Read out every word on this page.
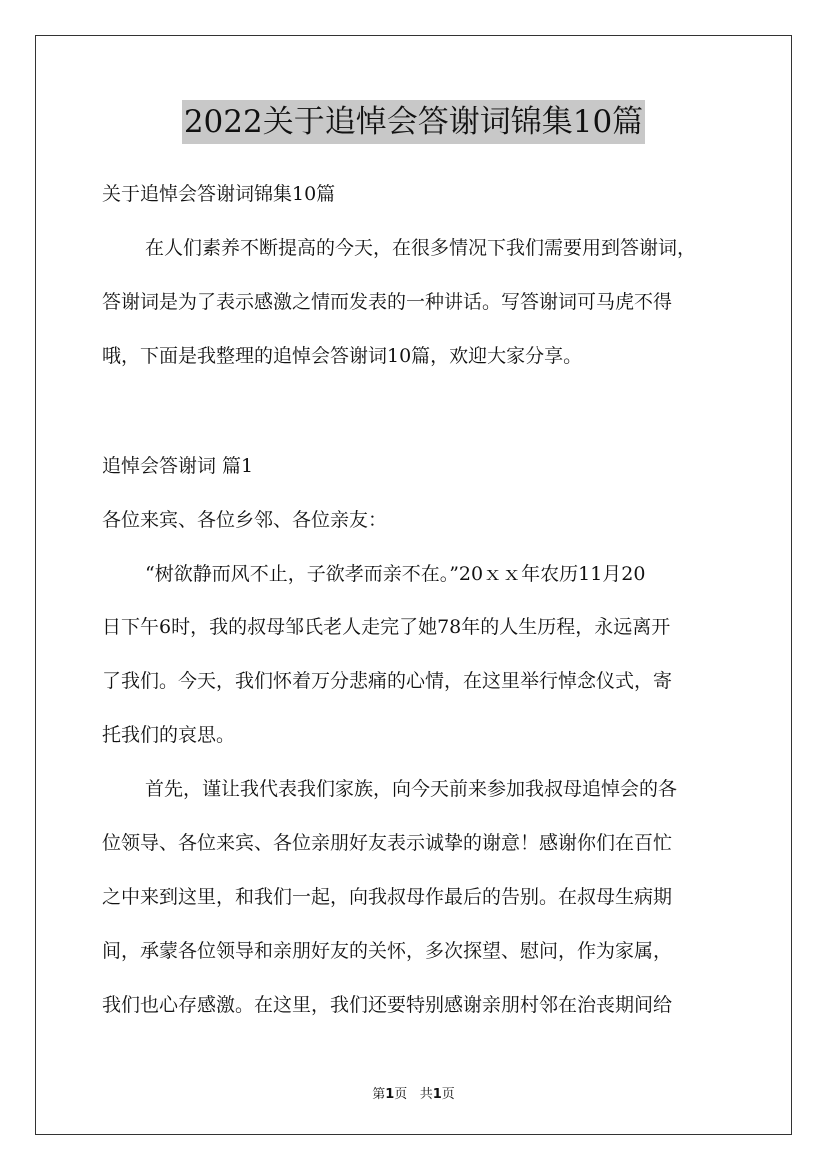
2022关于追悼会答谢词锦集10篇
关于追悼会答谢词锦集10篇
在人们素养不断提高的今天，在很多情况下我们需要用到答谢词，
答谢词是为了表示感激之情而发表的一种讲话。写答谢词可马虎不得
哦，下面是我整理的追悼会答谢词10篇，欢迎大家分享。
追悼会答谢词 篇1
各位来宾、各位乡邻、各位亲友：
“树欲静而风不止，子欲孝而亲不在。”20ｘｘ年农历11月20
日下午6时，我的叔母邹氏老人走完了她78年的人生历程，永远离开
了我们。今天，我们怀着万分悲痛的心情，在这里举行悼念仪式，寄
托我们的哀思。
首先，谨让我代表我们家族，向今天前来参加我叔母追悼会的各
位领导、各位来宾、各位亲朋好友表示诚挚的谢意！感谢你们在百忙
之中来到这里，和我们一起，向我叔母作最后的告别。在叔母生病期
间，承蒙各位领导和亲朋好友的关怀，多次探望、慰问，作为家属，
我们也心存感激。在这里，我们还要特别感谢亲朋村邻在治丧期间给
第1页   共1页
